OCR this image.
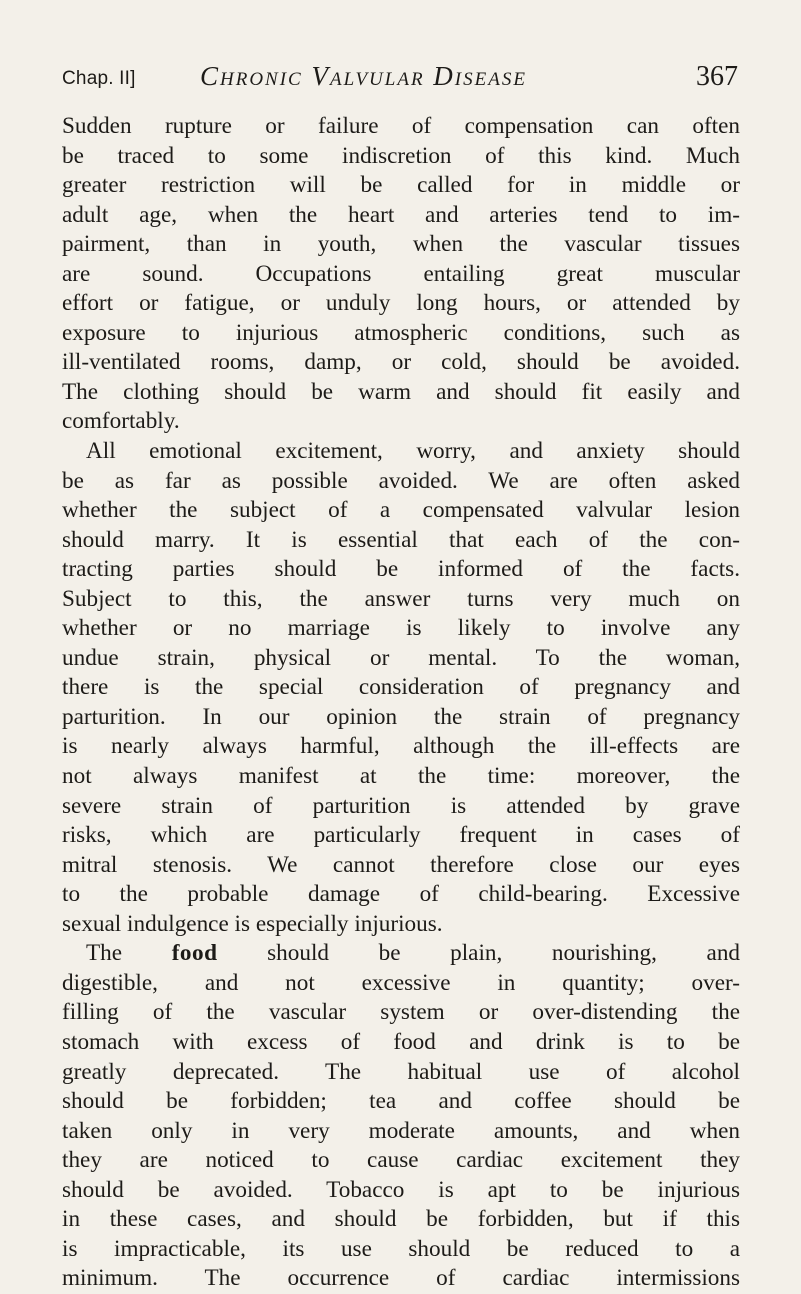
Chap. II] Chronic Valvular Disease	367
Sudden rupture or failure of compensation can often
be traced to some indiscretion of this kind. Much
greater restriction will be called for in middle or
adult age, when the heart and arteries tend to im-
pairment, than in youth, when the vascular tissues
are sound. Occupations entailing great muscular
effort or fatigue, or unduly long hours, or attended by
exposure to injurious atmospheric conditions, such as
ill-ventilated rooms, damp, or cold, should be avoided.
The clothing should be warm and should fit easily and
comfortably.
All emotional excitement, worry, and anxiety should
be as far as possible avoided. We are often asked
whether the subject of a compensated valvular lesion
should marry. It is essential that each of the con-
tracting parties should be informed of the facts.
Subject to this, the answer turns very much on
whether or no marriage is likely to involve any
undue strain, physical or mental. To the woman,
there is the special consideration of pregnancy and
parturition. In our opinion the strain of pregnancy
is nearly always harmful, although the ill-effects are
not always manifest at the time: moreover, the
severe strain of parturition is attended by grave
risks, which are particularly frequent in cases of
mitral stenosis. We cannot therefore close our eyes
to the probable damage of child-bearing. Excessive
sexual indulgence is especially injurious.
The food should be plain, nourishing, and
digestible, and not excessive in quantity; over-
filling of the vascular system or over-distending the
stomach with excess of food and drink is to be
greatly deprecated. The habitual use of alcohol
should be forbidden; tea and coffee should be
taken only in very moderate amounts, and when
they are noticed to cause cardiac excitement they
should be avoided. Tobacco is apt to be injurious
in these cases, and should be forbidden, but if this
is impracticable, its use should be reduced to a
minimum. The occurrence of cardiac intermissions
